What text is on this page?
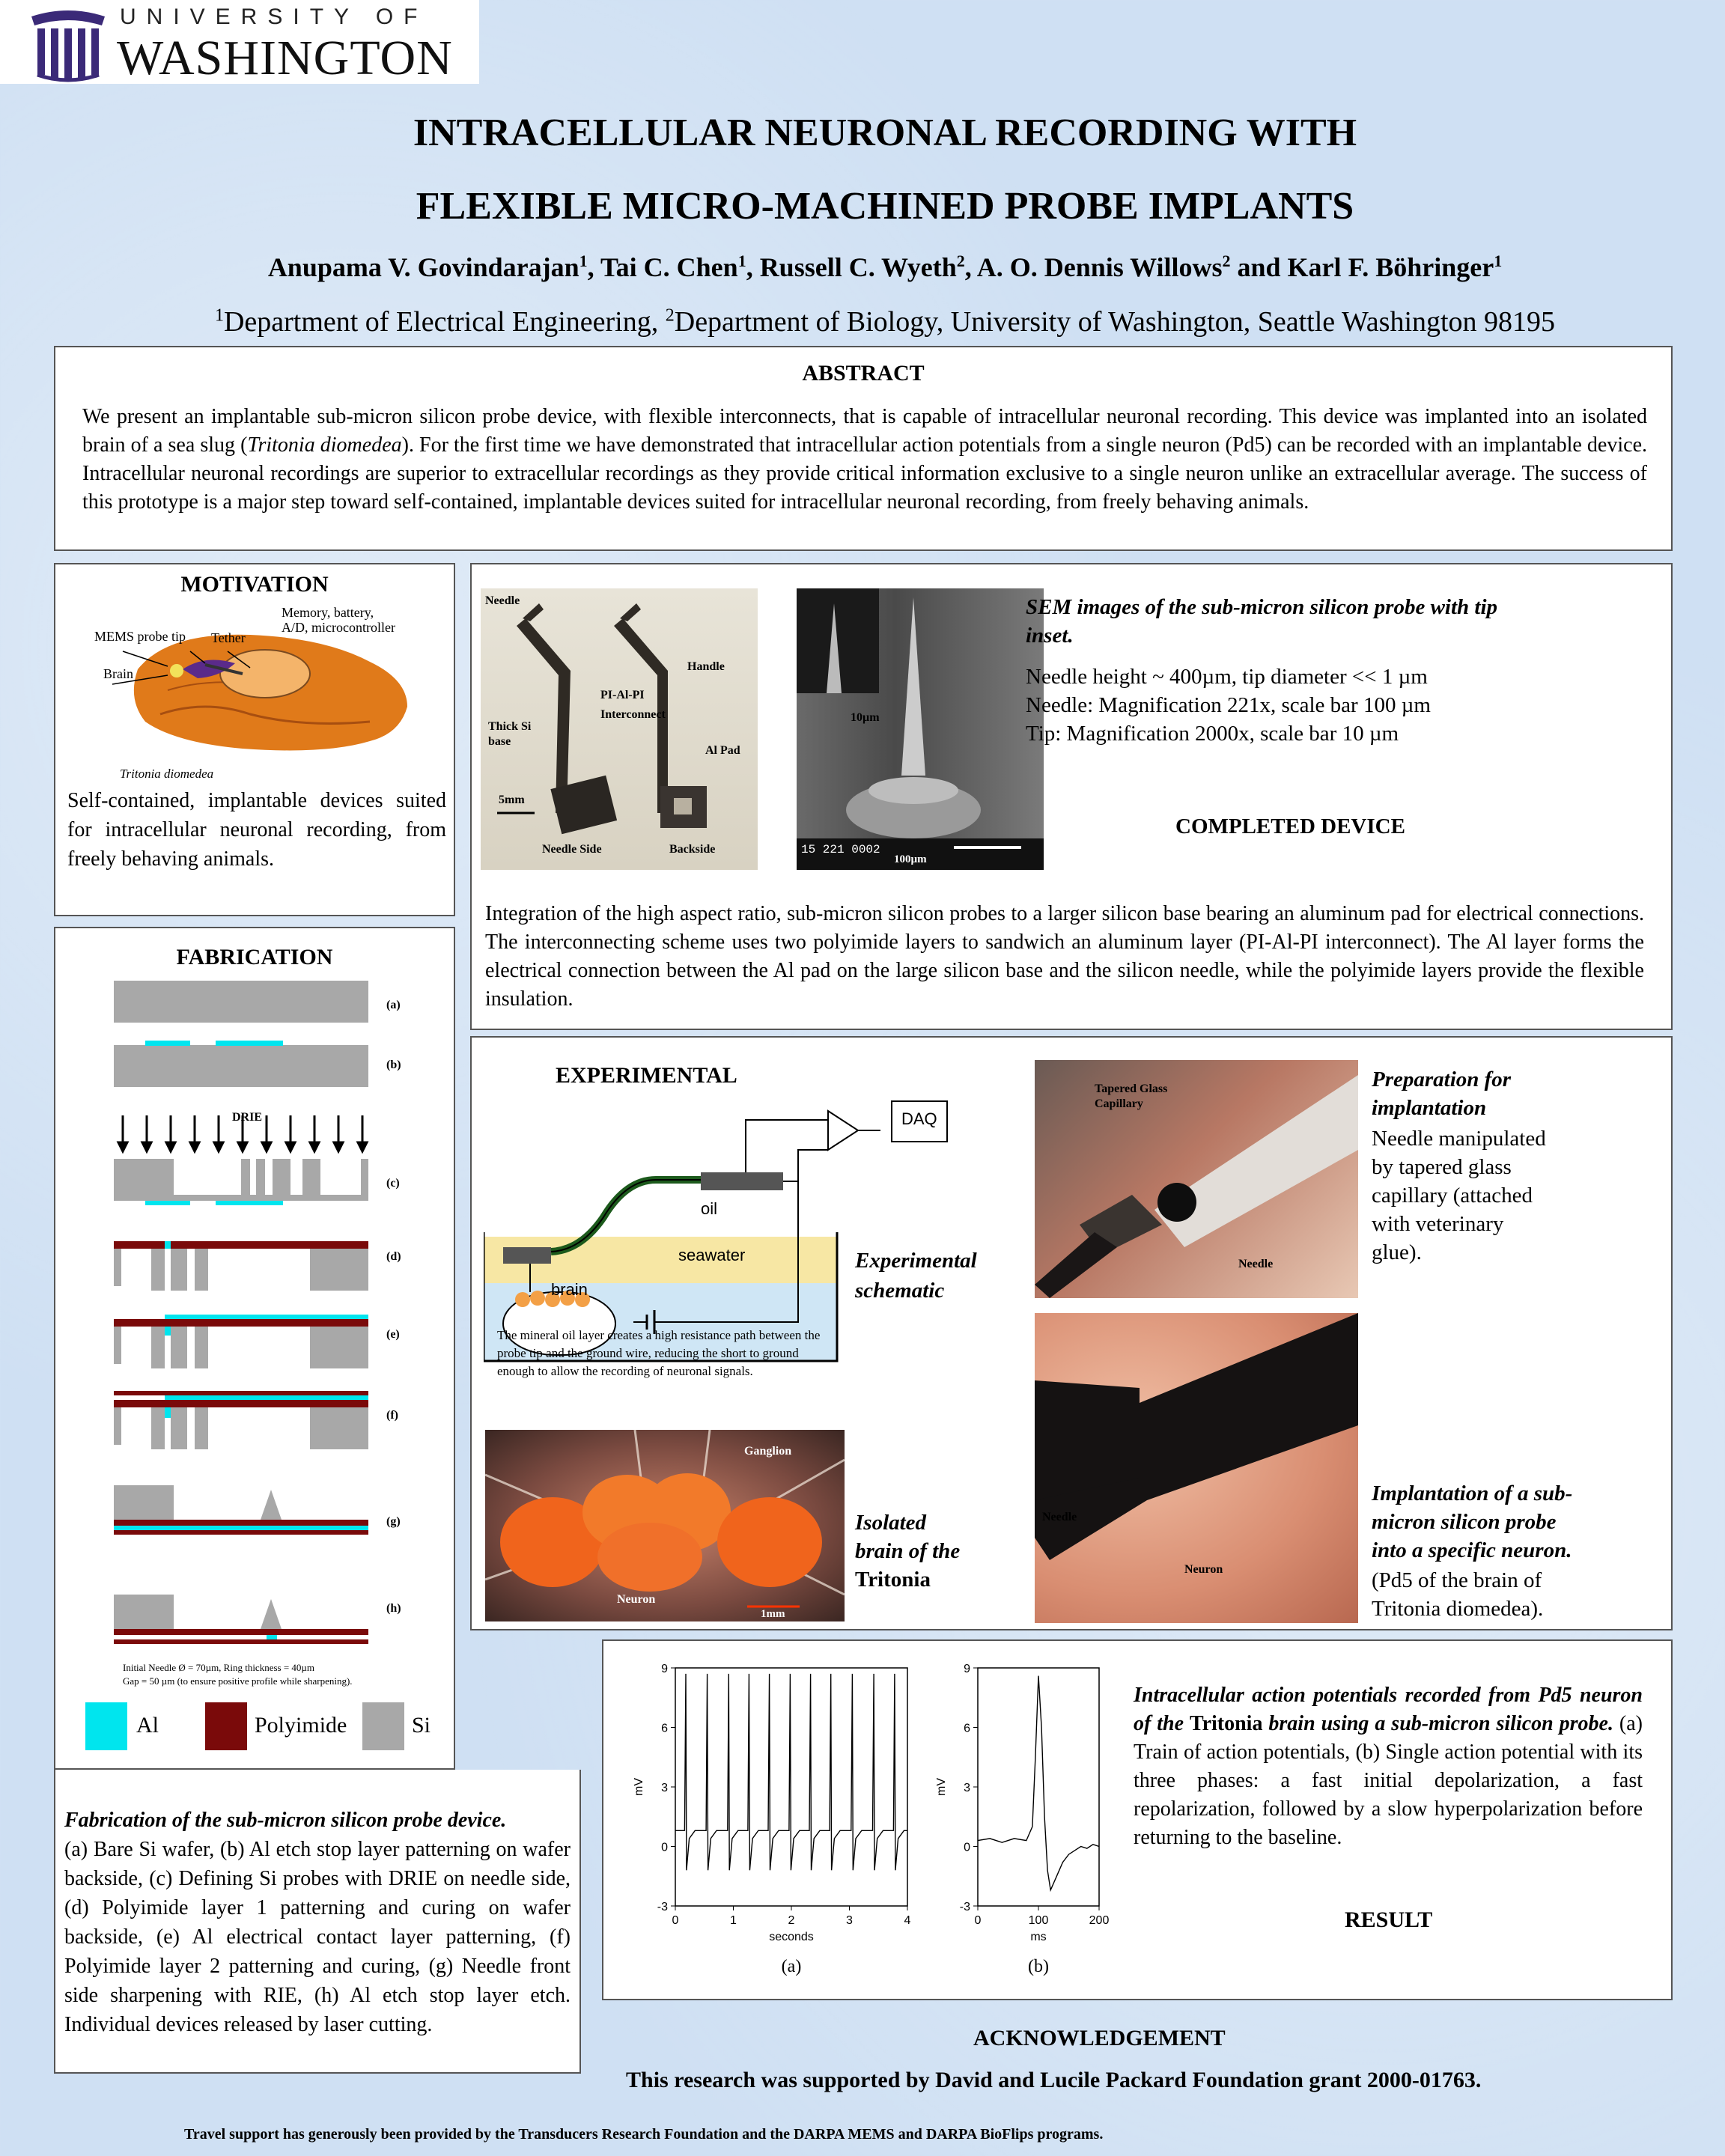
UNIVERSITY OF
WASHINGTON
INTRACELLULAR NEURONAL RECORDING WITH
FLEXIBLE MICRO-MACHINED PROBE IMPLANTS
Anupama V. Govindarajan$^1$, Tai C. Chen$^1$, Russell C. Wyeth$^2$, A. O. Dennis Willows$^2$ and Karl F. Böhringer$^1$
$^1$Department of Electrical Engineering, $^2$Department of Biology, University of Washington, Seattle Washington 98195
ABSTRACT
We present an implantable sub-micron silicon probe device, with flexible interconnects, that is capable of intracellular neuronal recording. This device was implanted into an isolated brain of a sea slug (Tritonia diomedea). For the first time we have demonstrated that intracellular action potentials from a single neuron (Pd5) can be recorded with an implantable device. Intracellular neuronal recordings are superior to extracellular recordings as they provide critical information exclusive to a single neuron unlike an extracellular average. The success of this prototype is a major step toward self-contained, implantable devices suited for intracellular neuronal recording, from freely behaving animals.
MOTIVATION
MEMS probe tip Tether
Memory, battery,
A/D, microcontroller
Brain
Tritonia diomedea
Self-contained, implantable devices suited for intracellular neuronal recording, from freely behaving animals.
FABRICATION
(a)
(b)
DRIE
(c)
(d)
(e)
(f)
(g)
(h)
Initial Needle Ø = 70µm, Ring thickness = 40µm
Gap = 50 µm (to ensure positive profile while sharpening).
Al	Polyimide	Si
Fabrication of the sub-micron silicon probe device.
(a) Bare Si wafer, (b) Al etch stop layer patterning on wafer backside, (c) Defining Si probes with DRIE on needle side, (d) Polyimide layer 1 patterning and curing on wafer backside, (e) Al electrical contact layer patterning, (f) Polyimide layer 2 patterning and curing, (g) Needle front side sharpening with RIE, (h) Al etch stop layer etch. Individual devices released by laser cutting.
Needle
Handle
PI-Al-PI
Interconnect
Thick Si
base
Al Pad
5mm
Needle Side	Backside
10µm
15 221 0002
100µm
SEM images of the sub-micron silicon probe with tip inset.
Needle height ~ 400µm, tip diameter << 1 µm
Needle: Magnification 221x, scale bar 100 µm
Tip: Magnification 2000x, scale bar 10 µm
COMPLETED DEVICE
Integration of the high aspect ratio, sub-micron silicon probes to a larger silicon base bearing an aluminum pad for electrical connections. The interconnecting scheme uses two polyimide layers to sandwich an aluminum layer (PI-Al-PI interconnect). The Al layer forms the electrical connection between the Al pad on the large silicon base and the silicon needle, while the polyimide layers provide the flexible insulation.
EXPERIMENTAL
DAQ
oil
seawater
brain
Experimental
schematic
The mineral oil layer creates a high resistance path between the probe tip and the ground wire, reducing the short to ground enough to allow the recording of neuronal signals.
Ganglion
Neuron
1mm
Isolated
brain of the
Tritonia
Tapered Glass
Capillary
Needle
Preparation for
implantation
Needle manipulated by tapered glass capillary (attached with veterinary glue).
Needle
Neuron
Implantation of a sub-micron silicon probe into a specific neuron.
(Pd5 of the brain of Tritonia diomedea).
0	1	2	3	4
-3
0
3
6
9
seconds
mV
(a)
0	100	200
-3
0
3
6
9
ms
mV
(b)
Intracellular action potentials recorded from Pd5 neuron of the Tritonia brain using a sub-micron silicon probe. (a) Train of action potentials, (b) Single action potential with its three phases: a fast initial depolarization, a fast repolarization, followed by a slow hyperpolarization before returning to the baseline.
RESULT
ACKNOWLEDGEMENT
This research was supported by David and Lucile Packard Foundation grant 2000-01763.
Travel support has generously been provided by the Transducers Research Foundation and the DARPA MEMS and DARPA BioFlips programs.
